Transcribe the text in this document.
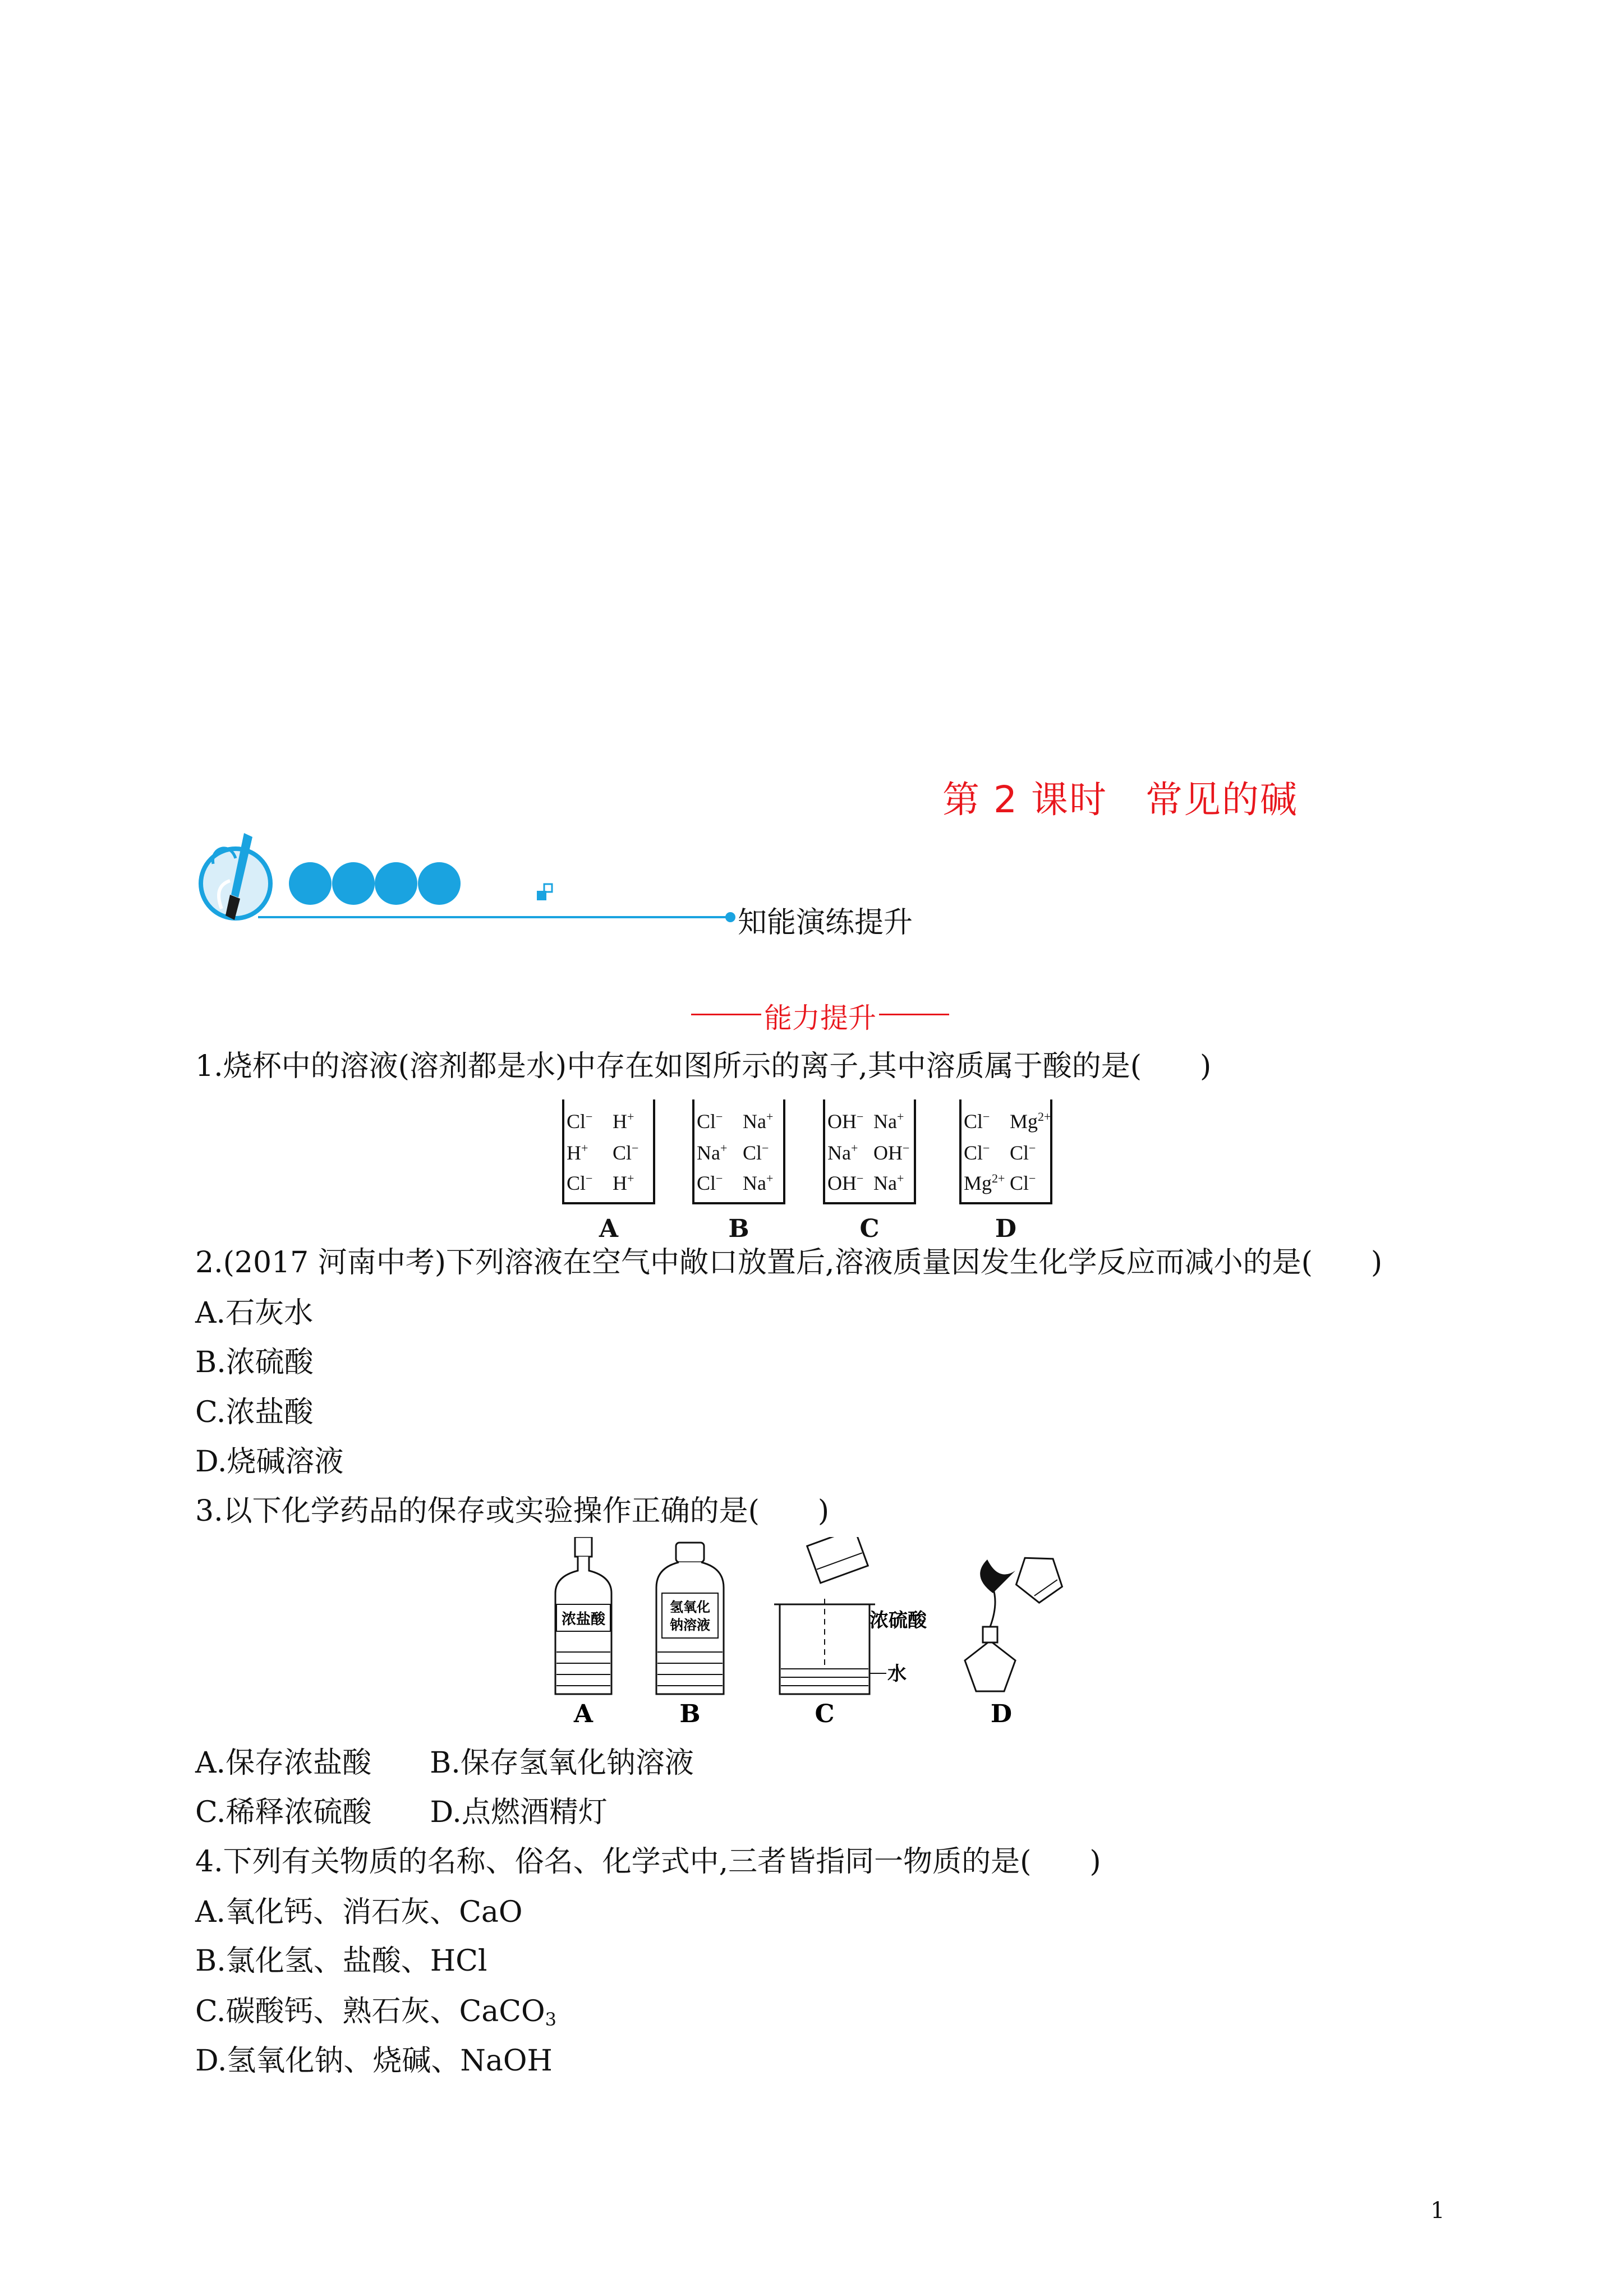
第 2 课时　常见的碱
知能演练提升
能力提升
1.烧杯中的溶液(溶剂都是水)中存在如图所示的离子,其中溶质属于酸的是(　　)
Cl− H+
H+ Cl−
Cl− H+
A
Cl− Na+
Na+ Cl−
Cl− Na+
B
OH− Na+
Na+ OH−
OH− Na+
C
Cl− $Mg^{2+}$
Cl− Cl−
$Mg^{2+}$ Cl−
D
2.(2017 河南中考)下列溶液在空气中敞口放置后,溶液质量因发生化学反应而减小的是(　　)
A.石灰水
B.浓硫酸
C.浓盐酸
D.烧碱溶液
3.以下化学药品的保存或实验操作正确的是(　　)
浓盐酸
氢氧化
钠溶液	浓硫酸
水
A	B	C	D
A.保存浓盐酸　　B.保存氢氧化钠溶液
C.稀释浓硫酸　　D.点燃酒精灯
4.下列有关物质的名称、俗名、化学式中,三者皆指同一物质的是(　　)
A.氧化钙、消石灰、CaO
B.氯化氢、盐酸、HCl
C.碳酸钙、熟石灰、CaCO$_3$
D.氢氧化钠、烧碱、NaOH
1
